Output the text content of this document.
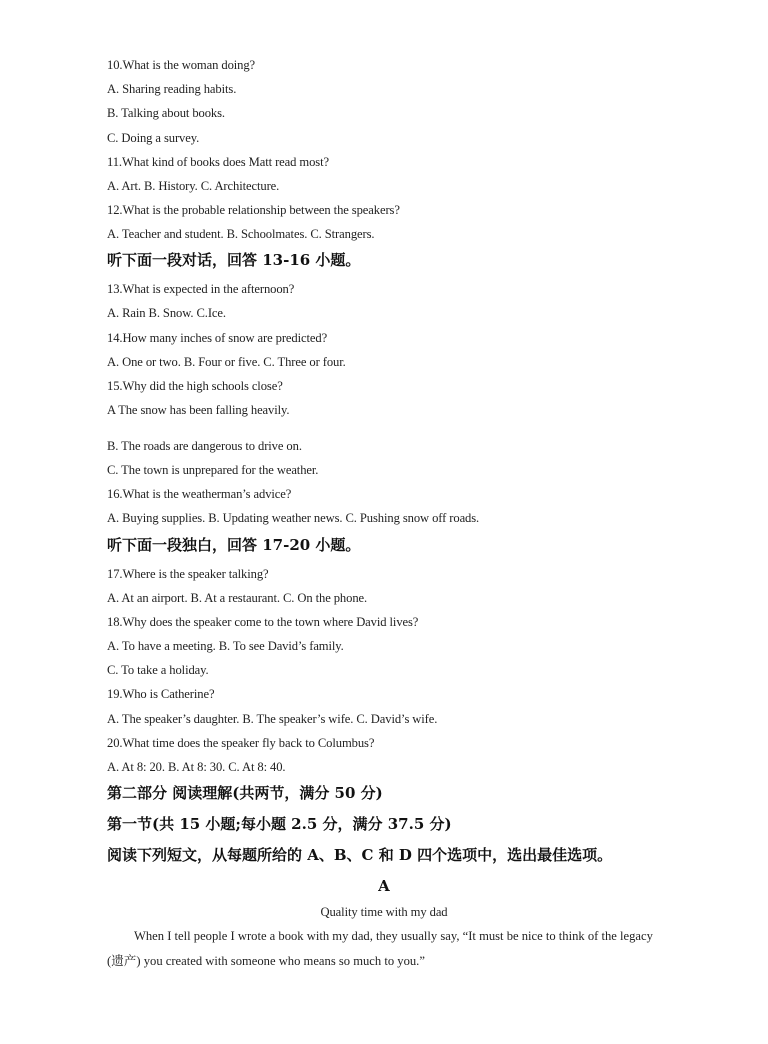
10.What is the woman doing?
A. Sharing reading habits.
B. Talking about books.
C. Doing a survey.
11.What kind of books does Matt read most?
A. Art. B. History. C. Architecture.
12.What is the probable relationship between the speakers?
A. Teacher and student. B. Schoolmates. C. Strangers.
听下面一段对话，回答 13-16 小题。
13.What is expected in the afternoon?
A. Rain B. Snow. C.Ice.
14.How many inches of snow are predicted?
A. One or two. B. Four or five. C. Three or four.
15.Why did the high schools close?
A The snow has been falling heavily.
B. The roads are dangerous to drive on.
C. The town is unprepared for the weather.
16.What is the weatherman’s advice?
A. Buying supplies. B. Updating weather news. C. Pushing snow off roads.
听下面一段独白，回答 17-20 小题。
17.Where is the speaker talking?
A. At an airport. B. At a restaurant. C. On the phone.
18.Why does the speaker come to the town where David lives?
A. To have a meeting. B. To see David’s family.
C. To take a holiday.
19.Who is Catherine?
A. The speaker’s daughter. B. The speaker’s wife. C. David’s wife.
20.What time does the speaker fly back to Columbus?
A. At 8: 20. B. At 8: 30. C. At 8: 40.
第二部分 阅读理解(共两节，满分 50 分)
第一节(共 15 小题;每小题 2.5 分，满分 37.5 分)
阅读下列短文，从每题所给的 A、B、C 和 D 四个选项中，选出最佳选项。
A
Quality time with my dad
When I tell people I wrote a book with my dad, they usually say, “It must be nice to think of the legacy (遗产) you created with someone who means so much to you.”
